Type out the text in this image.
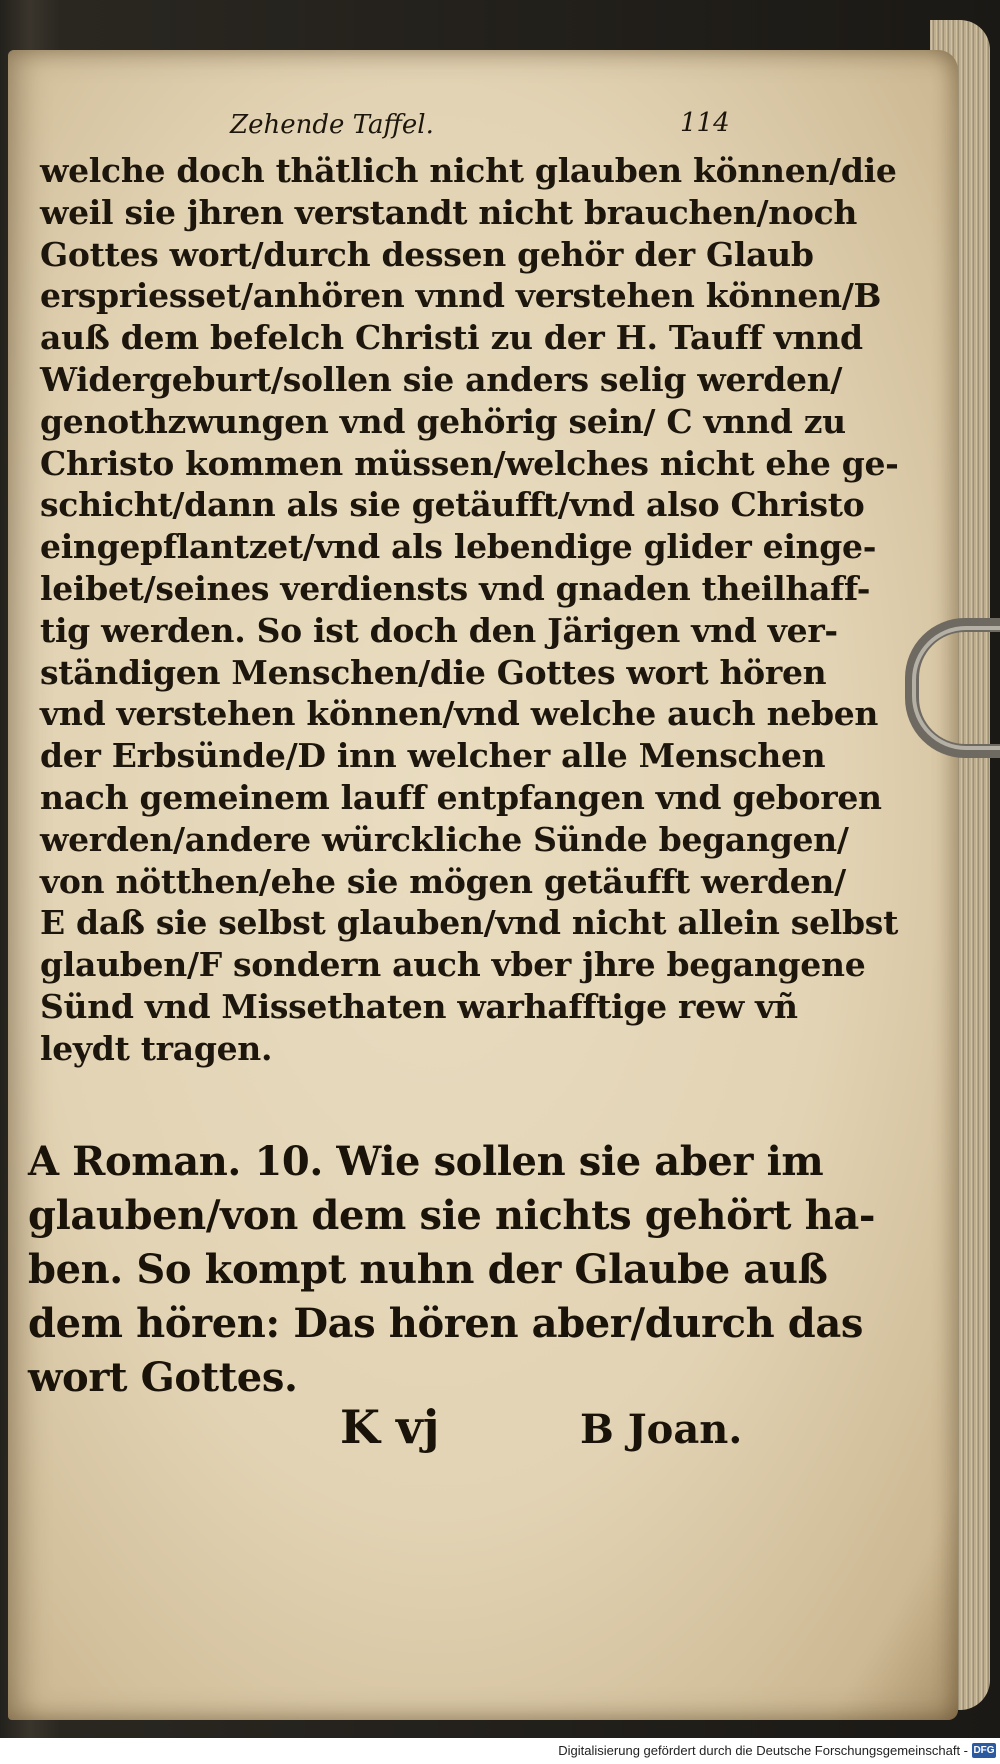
Zehende Taffel.	114
welche doch thätlich nicht glauben können/die
weil sie jhren verstandt nicht brauchen/noch
Gottes wort/durch dessen gehör der Glaub
erspriesset/anhören vnnd verstehen können/B
auß dem befelch Christi zu der H. Tauff vnnd
Widergeburt/sollen sie anders selig werden/
genothzwungen vnd gehörig sein/ C vnnd zu
Christo kommen müssen/welches nicht ehe ge-
schicht/dann als sie getäufft/vnd also Christo
eingepflantzet/vnd als lebendige glider einge-
leibet/seines verdiensts vnd gnaden theilhaff-
tig werden. So ist doch den Järigen vnd ver-
ständigen Menschen/die Gottes wort hören
vnd verstehen können/vnd welche auch neben
der Erbsünde/D inn welcher alle Menschen
nach gemeinem lauff entpfangen vnd geboren
werden/andere würckliche Sünde begangen/
von nötthen/ehe sie mögen getäufft werden/
E daß sie selbst glauben/vnd nicht allein selbst
glauben/F sondern auch vber jhre begangene
Sünd vnd Missethaten warhafftige rew vñ
leydt tragen.
A Roman. 10. Wie sollen sie aber im
glauben/von dem sie nichts gehört ha-
ben. So kompt nuhn der Glaube auß
dem hören: Das hören aber/durch das
wort Gottes.
K vj	B Joan.
Digitalisierung gefördert durch die Deutsche Forschungsgemeinschaft - DFG
